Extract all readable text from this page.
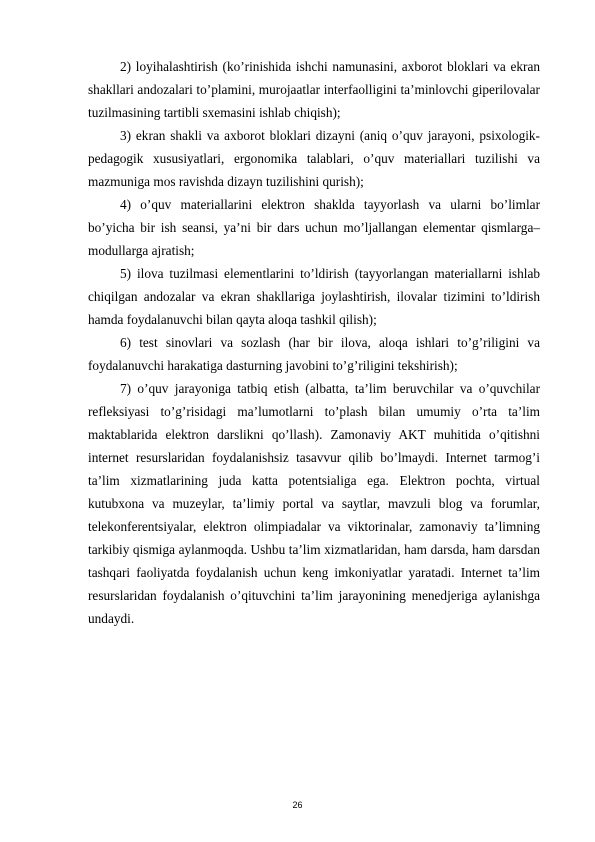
2) loyihalashtirish (ko’rinishida ishchi namunasini, axborot bloklari va ekran shakllari andozalari to’plamini, murojaatlar interfaolligini ta’minlovchi giperilovalar tuzilmasining tartibli sxemasini ishlab chiqish);

3) ekran shakli va axborot bloklari dizayni (aniq o’quv jarayoni, psixologik-pedagogik xususiyatlari, ergonomika talablari, o’quv materiallari tuzilishi va mazmuniga mos ravishda dizayn tuzilishini qurish);

4) o’quv materiallarini elektron shaklda tayyorlash va ularni bo’limlar bo’yicha bir ish seansi, ya’ni bir dars uchun mo’ljallangan elementar qismlarga–modullarga ajratish;

5) ilova tuzilmasi elementlarini to’ldirish (tayyorlangan materiallarni ishlab chiqilgan andozalar va ekran shakllariga joylashtirish, ilovalar tizimini to’ldirish hamda foydalanuvchi bilan qayta aloqa tashkil qilish);

6) test sinovlari va sozlash (har bir ilova, aloqa ishlari to’g’riligini va foydalanuvchi harakatiga dasturning javobini to’g’riligini tekshirish);

7) o’quv jarayoniga tatbiq etish (albatta, ta’lim beruvchilar va o’quvchilar refleksiyasi to’g’risidagi ma’lumotlarni to’plash bilan umumiy o’rta ta’lim maktablarida elektron darslikni qo’llash). Zamonaviy AKT muhitida o’qitishni internet resurslaridan foydalanishsiz tasavvur qilib bo’lmaydi. Internet tarmog’i ta’lim xizmatlarining juda katta potentsialiga ega. Elektron pochta, virtual kutubxona va muzeylar, ta’limiy portal va saytlar, mavzuli blog va forumlar, telekonferentsiyalar, elektron olimpiadalar va viktorinalar, zamonaviy ta’limning tarkibiy qismiga aylanmoqda. Ushbu ta’lim xizmatlaridan, ham darsda, ham darsdan tashqari faoliyatda foydalanish uchun keng imkoniyatlar yaratadi. Internet ta’lim resurslaridan foydalanish o’qituvchini ta’lim jarayonining menedjeriga aylanishga undaydi.

26
